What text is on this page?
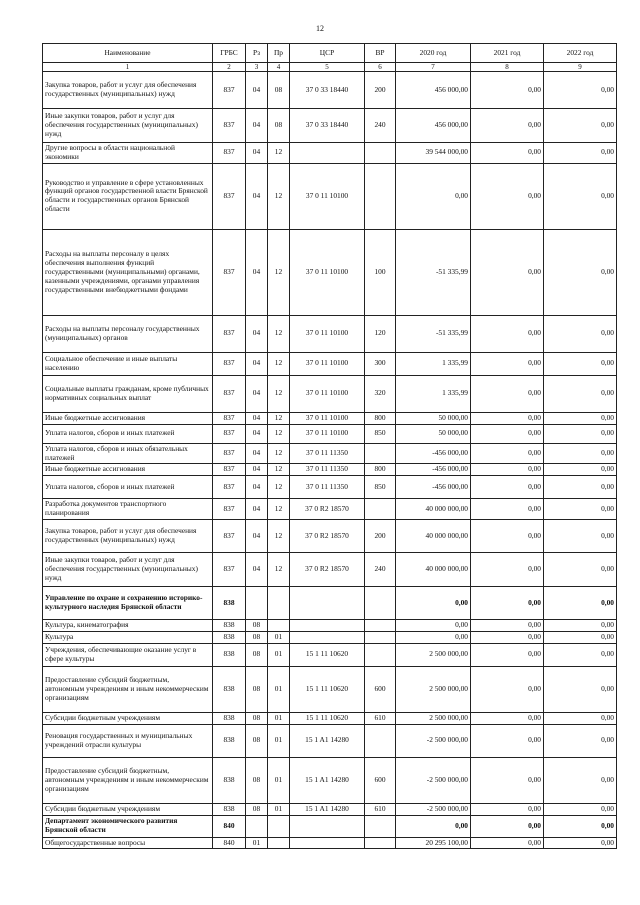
12
Наименование	ГРБС	Рз	Пр	ЦСР	ВР	2020 год	2021 год	2022 год
1	2	3	4	5	6	7	8	9
Закупка товаров, работ и услуг для обеспечения государственных (муниципальных) нужд	837	04	08	37 0 33 18440	200	456 000,00	0,00	0,00
Иные закупки товаров, работ и услуг для обеспечения государственных (муниципальных) нужд	837	04	08	37 0 33 18440	240	456 000,00	0,00	0,00
Другие вопросы в области национальной экономики	837	04	12			39 544 000,00	0,00	0,00
Руководство и управление в сфере установленных функций органов государственной власти Брянской области и государственных органов Брянской области	837	04	12	37 0 11 10100		0,00	0,00	0,00
Расходы на выплаты персоналу в целях обеспечения выполнения функций государственными (муниципальными) органами, казенными учреждениями, органами управления государственными внебюджетными фондами	837	04	12	37 0 11 10100	100	-51 335,99	0,00	0,00
Расходы на выплаты персоналу государственных (муниципальных) органов	837	04	12	37 0 11 10100	120	-51 335,99	0,00	0,00
Социальное обеспечение и иные выплаты населению	837	04	12	37 0 11 10100	300	1 335,99	0,00	0,00
Социальные выплаты гражданам, кроме публичных нормативных социальных выплат	837	04	12	37 0 11 10100	320	1 335,99	0,00	0,00
Иные бюджетные ассигнования	837	04	12	37 0 11 10100	800	50 000,00	0,00	0,00
Уплата налогов, сборов и иных платежей	837	04	12	37 0 11 10100	850	50 000,00	0,00	0,00
Уплата налогов, сборов и иных обязательных платежей	837	04	12	37 0 11 11350		-456 000,00	0,00	0,00
Иные бюджетные ассигнования	837	04	12	37 0 11 11350	800	-456 000,00	0,00	0,00
Уплата налогов, сборов и иных платежей	837	04	12	37 0 11 11350	850	-456 000,00	0,00	0,00
Разработка документов транспортного планирования	837	04	12	37 0 R2 18570		40 000 000,00	0,00	0,00
Закупка товаров, работ и услуг для обеспечения государственных (муниципальных) нужд	837	04	12	37 0 R2 18570	200	40 000 000,00	0,00	0,00
Иные закупки товаров, работ и услуг для обеспечения государственных (муниципальных) нужд	837	04	12	37 0 R2 18570	240	40 000 000,00	0,00	0,00
Управление по охране и сохранению историко-культурного наследия Брянской области	838					0,00	0,00	0,00
Культура, кинематография	838	08				0,00	0,00	0,00
Культура	838	08	01			0,00	0,00	0,00
Учреждения, обеспечивающие оказание услуг в сфере культуры	838	08	01	15 1 11 10620		2 500 000,00	0,00	0,00
Предоставление субсидий бюджетным, автономным учреждениям и иным некоммерческим организациям	838	08	01	15 1 11 10620	600	2 500 000,00	0,00	0,00
Субсидии бюджетным учреждениям	838	08	01	15 1 11 10620	610	2 500 000,00	0,00	0,00
Реновация государственных и муниципальных учреждений отрасли культуры	838	08	01	15 1 A1 14280		-2 500 000,00	0,00	0,00
Предоставление субсидий бюджетным, автономным учреждениям и иным некоммерческим организациям	838	08	01	15 1 A1 14280	600	-2 500 000,00	0,00	0,00
Субсидии бюджетным учреждениям	838	08	01	15 1 A1 14280	610	-2 500 000,00	0,00	0,00
Департамент экономического развития Брянской области	840					0,00	0,00	0,00
Общегосударственные вопросы	840	01				20 295 100,00	0,00	0,00
